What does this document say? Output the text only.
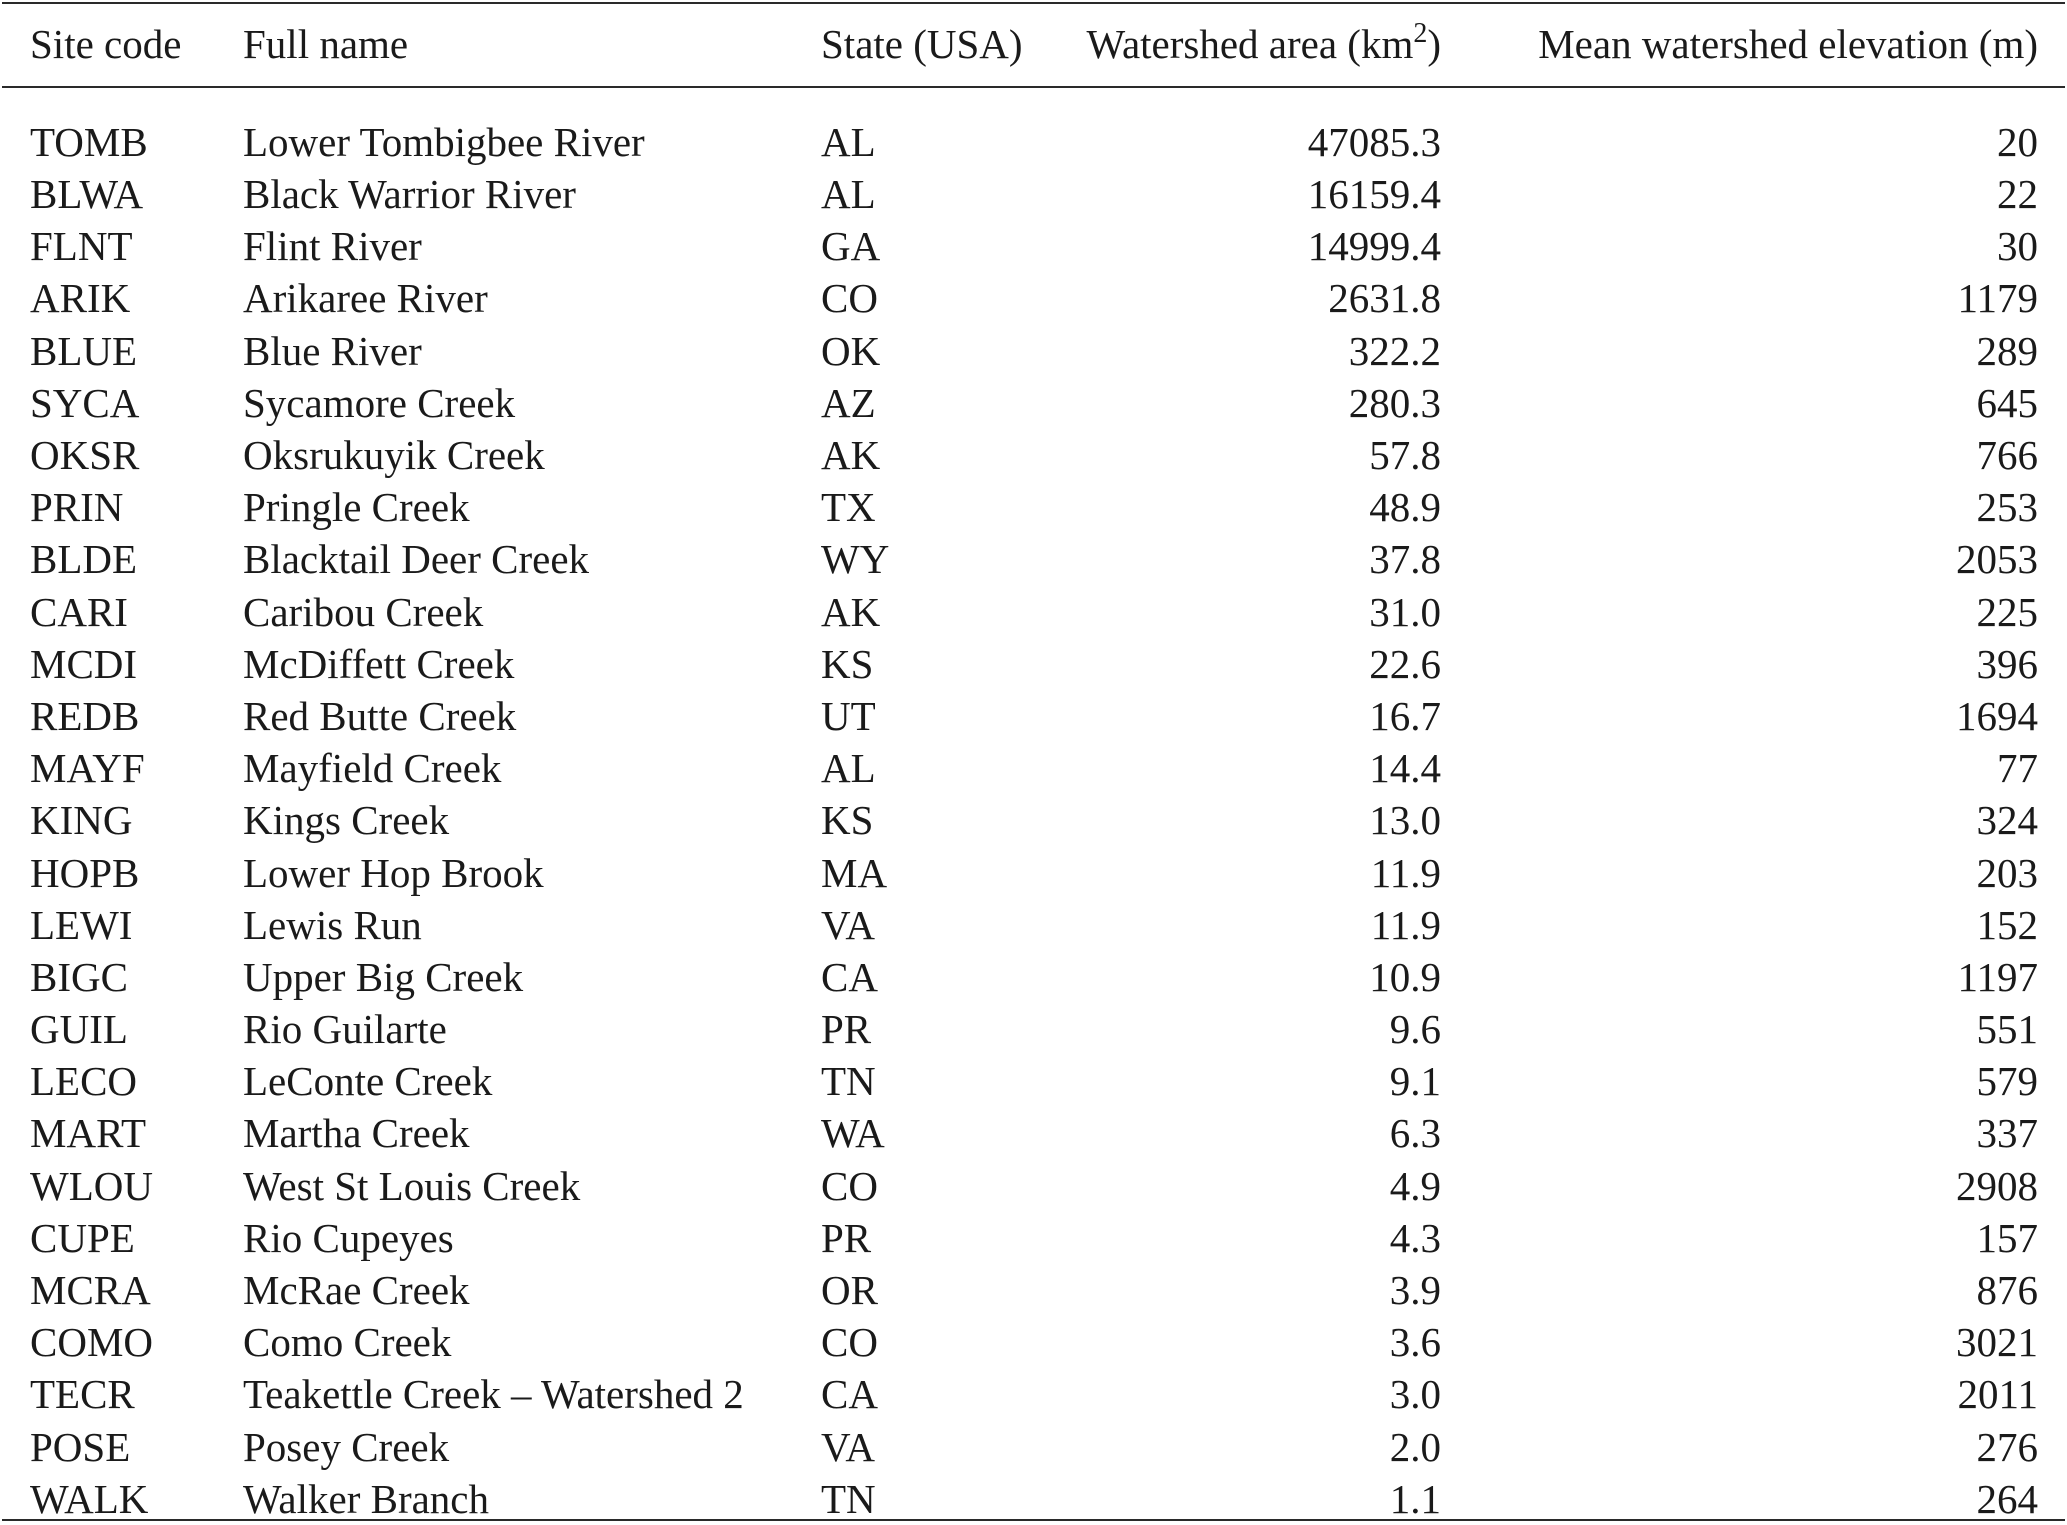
Site code	Full name	State (USA)	Watershed area $(km^2)$	Mean watershed elevation (m)
TOMB	Lower Tombigbee River	AL	47085.3	20
BLWA	Black Warrior River	AL	16159.4	22
FLNT	Flint River	GA	14999.4	30
ARIK	Arikaree River	CO	2631.8	1179
BLUE	Blue River	OK	322.2	289
SYCA	Sycamore Creek	AZ	280.3	645
OKSR	Oksrukuyik Creek	AK	57.8	766
PRIN	Pringle Creek	TX	48.9	253
BLDE	Blacktail Deer Creek	WY	37.8	2053
CARI	Caribou Creek	AK	31.0	225
MCDI	McDiffett Creek	KS	22.6	396
REDB	Red Butte Creek	UT	16.7	1694
MAYF	Mayfield Creek	AL	14.4	77
KING	Kings Creek	KS	13.0	324
HOPB	Lower Hop Brook	MA	11.9	203
LEWI	Lewis Run	VA	11.9	152
BIGC	Upper Big Creek	CA	10.9	1197
GUIL	Rio Guilarte	PR	9.6	551
LECO	LeConte Creek	TN	9.1	579
MART	Martha Creek	WA	6.3	337
WLOU	West St Louis Creek	CO	4.9	2908
CUPE	Rio Cupeyes	PR	4.3	157
MCRA	McRae Creek	OR	3.9	876
COMO	Como Creek	CO	3.6	3021
TECR	Teakettle Creek – Watershed 2	CA	3.0	2011
POSE	Posey Creek	VA	2.0	276
WALK	Walker Branch	TN	1.1	264
